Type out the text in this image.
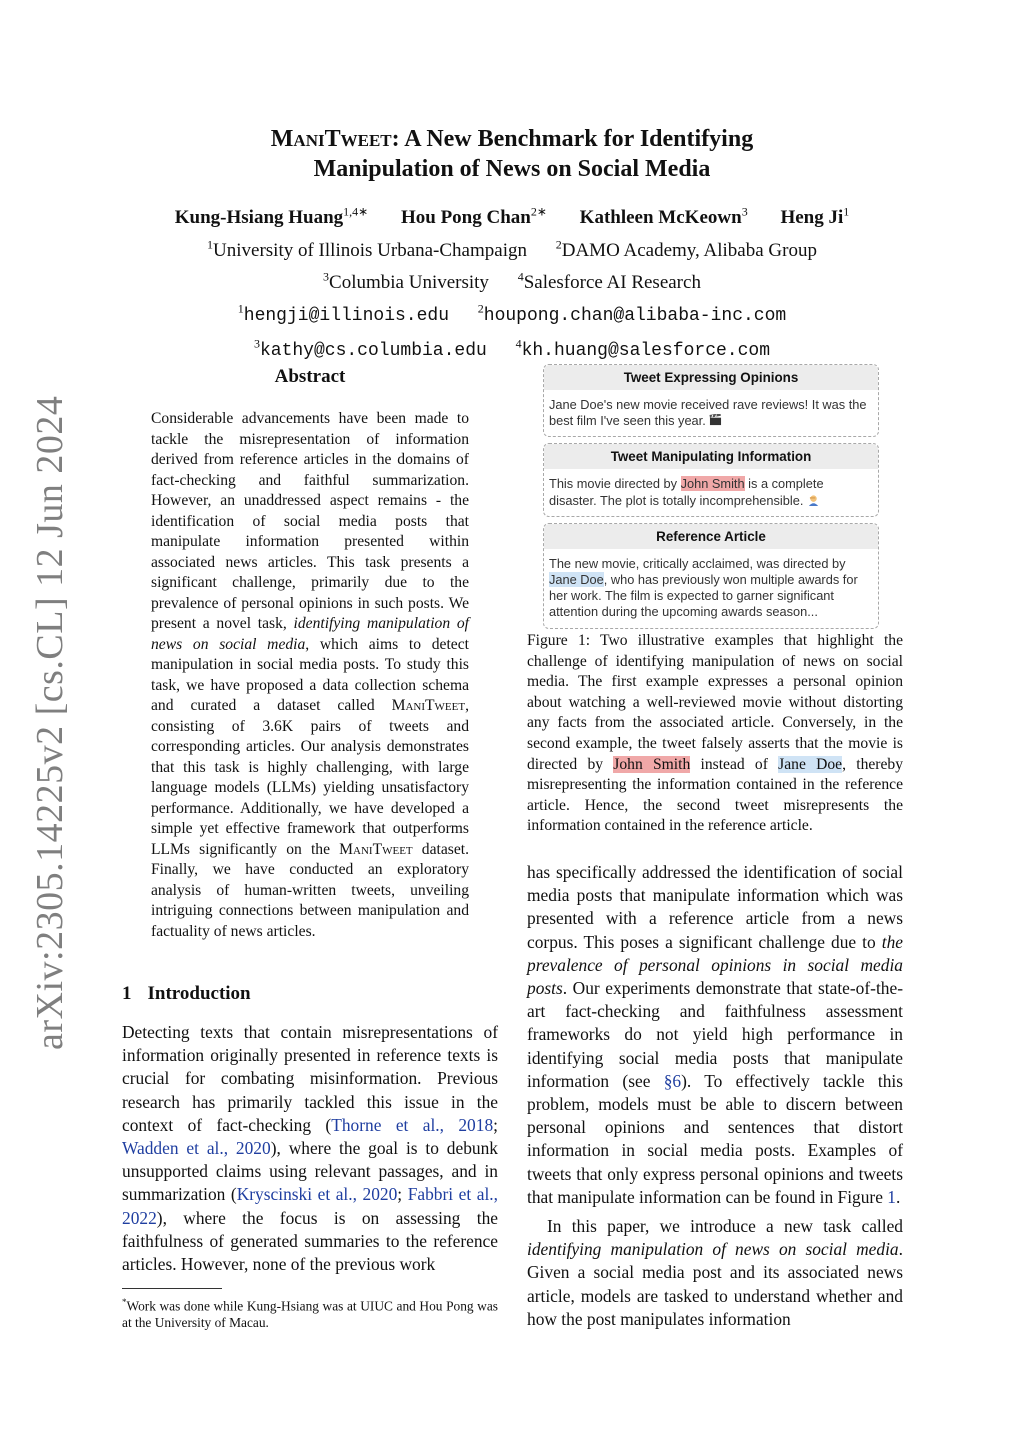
arXiv:2305.14225v2 [cs.CL] 12 Jun 2024
ManiTweet: A New Benchmark for Identifying
Manipulation of News on Social Media
Kung-Hsiang Huang$^{1,4∗}$ Hou Pong Chan$^{2∗}$ Kathleen McKeown$^3$ Heng Ji$^1$
$^1$University of Illinois Urbana-Champaign $^2$DAMO Academy, Alibaba Group
$^3$Columbia University $^4$Salesforce AI Research
$^1$hengji@illinois.edu $^2$houpong.chan@alibaba-inc.com
$^3$kathy@cs.columbia.edu $^4$kh.huang@salesforce.com
Abstract
Considerable advancements have been made to tackle the misrepresentation of information derived from reference articles in the domains of fact-checking and faithful summarization. However, an unaddressed aspect remains - the identification of social media posts that manipulate information presented within associated news articles. This task presents a significant challenge, primarily due to the prevalence of personal opinions in such posts. We present a novel task, identifying manipulation of news on social media, which aims to detect manipulation in social media posts. To study this task, we have proposed a data collection schema and curated a dataset called ManiTweet, consisting of 3.6K pairs of tweets and corresponding articles. Our analysis demonstrates that this task is highly challenging, with large language models (LLMs) yielding unsatisfactory performance. Additionally, we have developed a simple yet effective framework that outperforms LLMs significantly on the ManiTweet dataset. Finally, we have conducted an exploratory analysis of human-written tweets, unveiling intriguing connections between manipulation and factuality of news articles.
1 Introduction
Detecting texts that contain misrepresentations of information originally presented in reference texts is crucial for combating misinformation. Previous research has primarily tackled this issue in the context of fact-checking (Thorne et al., 2018; Wadden et al., 2020), where the goal is to debunk unsupported claims using relevant passages, and in summarization (Kryscinski et al., 2020; Fabbri et al., 2022), where the focus is on assessing the faithfulness of generated summaries to the reference articles. However, none of the previous work
*Work was done while Kung-Hsiang was at UIUC and Hou Pong was at the University of Macau.
Tweet Expressing Opinions
Jane Doe's new movie received rave reviews! It was the best film I've seen this year.
Tweet Manipulating Information
This movie directed by John Smith is a complete disaster. The plot is totally incomprehensible.
Reference Article
The new movie, critically acclaimed, was directed by Jane Doe, who has previously won multiple awards for her work. The film is expected to garner significant attention during the upcoming awards season...
Figure 1: Two illustrative examples that highlight the challenge of identifying manipulation of news on social media. The first example expresses a personal opinion about watching a well-reviewed movie without distorting any facts from the associated article. Conversely, in the second example, the tweet falsely asserts that the movie is directed by John Smith instead of Jane Doe, thereby misrepresenting the information contained in the reference article. Hence, the second tweet misrepresents the information contained in the reference article.

has specifically addressed the identification of social media posts that manipulate information which was presented with a reference article from a news corpus. This poses a significant challenge due to the prevalence of personal opinions in social media posts. Our experiments demonstrate that state-of-the-art fact-checking and faithfulness assessment frameworks do not yield high performance in identifying social media posts that manipulate information (see §6). To effectively tackle this problem, models must be able to discern between personal opinions and sentences that distort information in social media posts. Examples of tweets that only express personal opinions and tweets that manipulate information can be found in Figure 1.

In this paper, we introduce a new task called identifying manipulation of news on social media. Given a social media post and its associated news article, models are tasked to understand whether and how the post manipulates information
